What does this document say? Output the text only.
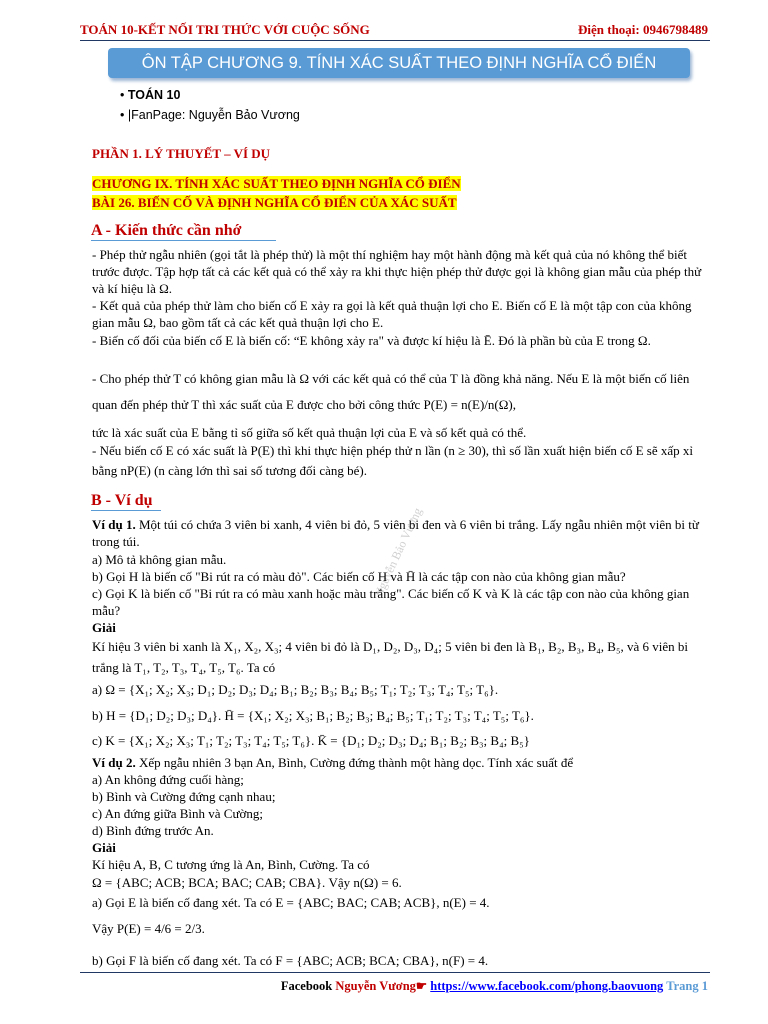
TOÁN 10-KẾT NỐI TRI THỨC VỚI CUỘC SỐNG	Điện thoại: 0946798489
ÔN TẬP CHƯƠNG 9. TÍNH XÁC SUẤT THEO ĐỊNH NGHĨA CỔ ĐIỂN
• TOÁN 10
• |FanPage: Nguyễn Bảo Vương
PHẦN 1. LÝ THUYẾT – VÍ DỤ
CHƯƠNG IX. TÍNH XÁC SUẤT THEO ĐỊNH NGHĨA CỔ ĐIỂN
BÀI 26. BIẾN CỐ VÀ ĐỊNH NGHĨA CỔ ĐIỂN CỦA XÁC SUẤT
A - Kiến thức cần nhớ
- Phép thử ngẫu nhiên (gọi tắt là phép thử) là một thí nghiệm hay một hành động mà kết quả của nó không thể biết trước được. Tập hợp tất cả các kết quả có thể xảy ra khi thực hiện phép thử được gọi là không gian mẫu của phép thử và kí hiệu là Ω.
- Kết quả của phép thử làm cho biến cố E xảy ra gọi là kết quả thuận lợi cho E. Biến cố E là một tập con của không gian mẫu Ω, bao gồm tất cả các kết quả thuận lợi cho E.
- Biến cố đối của biến cố E là biến cố: “E không xảy ra" và được kí hiệu là Ē. Đó là phần bù của E trong Ω.
- Cho phép thử T có không gian mẫu là Ω với các kết quả có thể của T là đồng khả năng. Nếu E là một biến cố liên quan đến phép thử T thì xác suất của E được cho bởi công thức P(E) = n(E)/n(Ω),
tức là xác suất của E bằng tỉ số giữa số kết quả thuận lợi của E và số kết quả có thể.
- Nếu biến cố E có xác suất là P(E) thì khi thực hiện phép thử n lần (n ≥ 30), thì số lần xuất hiện biến cố E sẽ xấp xỉ bằng nP(E) (n càng lớn thì sai số tương đối càng bé).
B - Ví dụ
Nguyễn Bảo Vương
Ví dụ 1. Một túi có chứa 3 viên bi xanh, 4 viên bi đỏ, 5 viên bi đen và 6 viên bi trắng. Lấy ngẫu nhiên một viên bi từ trong túi.
a) Mô tả không gian mẫu.
b) Gọi H là biến cố "Bi rút ra có màu đỏ". Các biến cố H và H̄ là các tập con nào của không gian mẫu?
c) Gọi K là biến cố "Bi rút ra có màu xanh hoặc màu trắng". Các biến cố K và K là các tập con nào của không gian mẫu?
Giải
Kí hiệu 3 viên bi xanh là X₁, X₂, X₃; 4 viên bi đỏ là D₁, D₂, D₃, D₄; 5 viên bi đen là B₁, B₂, B₃, B₄, B₅, và 6 viên bi trắng là T₁, T₂, T₃, T₄, T₅, T₆. Ta có
a) Ω = {X₁; X₂; X₃; D₁; D₂; D₃; D₄; B₁; B₂; B₃; B₄; B₅; T₁; T₂; T₃; T₄; T₅; T₆}.
b) H = {D₁; D₂; D₃; D₄}. H̄ = {X₁; X₂; X₃; B₁; B₂; B₃; B₄; B₅; T₁; T₂; T₃; T₄; T₅; T₆}.
c) K = {X₁; X₂; X₃; T₁; T₂; T₃; T₄; T₅; T₆}. K̄ = {D₁; D₂; D₃; D₄; B₁; B₂; B₃; B₄; B₅}
Ví dụ 2. Xếp ngẫu nhiên 3 bạn An, Bình, Cường đứng thành một hàng dọc. Tính xác suất để
a) An không đứng cuối hàng;
b) Bình và Cường đứng cạnh nhau;
c) An đứng giữa Bình và Cường;
d) Bình đứng trước An.
Giải
Kí hiệu A, B, C tương ứng là An, Bình, Cường. Ta có
Ω = {ABC; ACB; BCA; BAC; CAB; CBA}. Vậy n(Ω) = 6.
a) Gọi E là biến cố đang xét. Ta có E = {ABC; BAC; CAB; ACB}, n(E) = 4.
Vậy P(E) = 4/6 = 2/3.
b) Gọi F là biến cố đang xét. Ta có F = {ABC; ACB; BCA; CBA}, n(F) = 4.
Facebook Nguyễn Vương☛ https://www.facebook.com/phong.baovuong Trang 1
